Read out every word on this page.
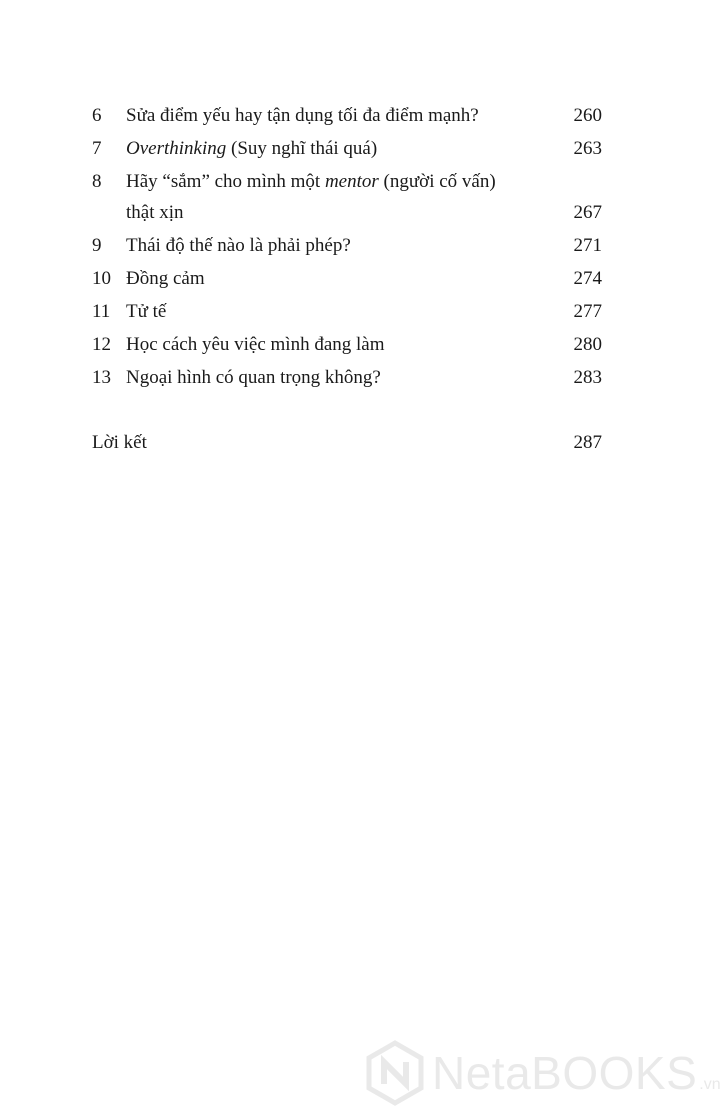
6	Sửa điểm yếu hay tận dụng tối đa điểm mạnh?	260
7	Overthinking (Suy nghĩ thái quá)	263
8	Hãy “sắm” cho mình một mentor (người cố vấn)
thật xịn	267
9	Thái độ thế nào là phải phép?	271
10 Đồng cảm	274
11 Tử tế	277
12 Học cách yêu việc mình đang làm	280
13 Ngoại hình có quan trọng không?	283
Lời kết	287
NetaBOOKS .vn
